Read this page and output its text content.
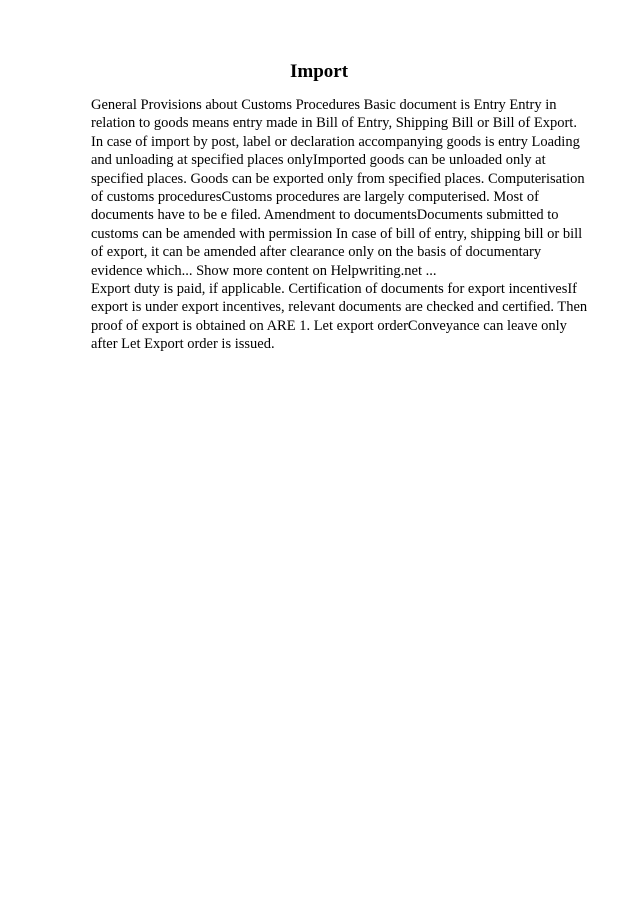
Import

General Provisions about Customs Procedures Basic document is Entry Entry in relation to goods means entry made in Bill of Entry, Shipping Bill or Bill of Export. In case of import by post, label or declaration accompanying goods is entry Loading and unloading at specified places onlyImported goods can be unloaded only at specified places. Goods can be exported only from specified places. Computerisation of customs proceduresCustoms procedures are largely computerised. Most of documents have to be e filed. Amendment to documentsDocuments submitted to customs can be amended with permission In case of bill of entry, shipping bill or bill of export, it can be amended after clearance only on the basis of documentary evidence which... Show more content on Helpwriting.net ...

Export duty is paid, if applicable. Certification of documents for export incentivesIf export is under export incentives, relevant documents are checked and certified. Then proof of export is obtained on ARE 1. Let export orderConveyance can leave only after Let Export order is issued.
